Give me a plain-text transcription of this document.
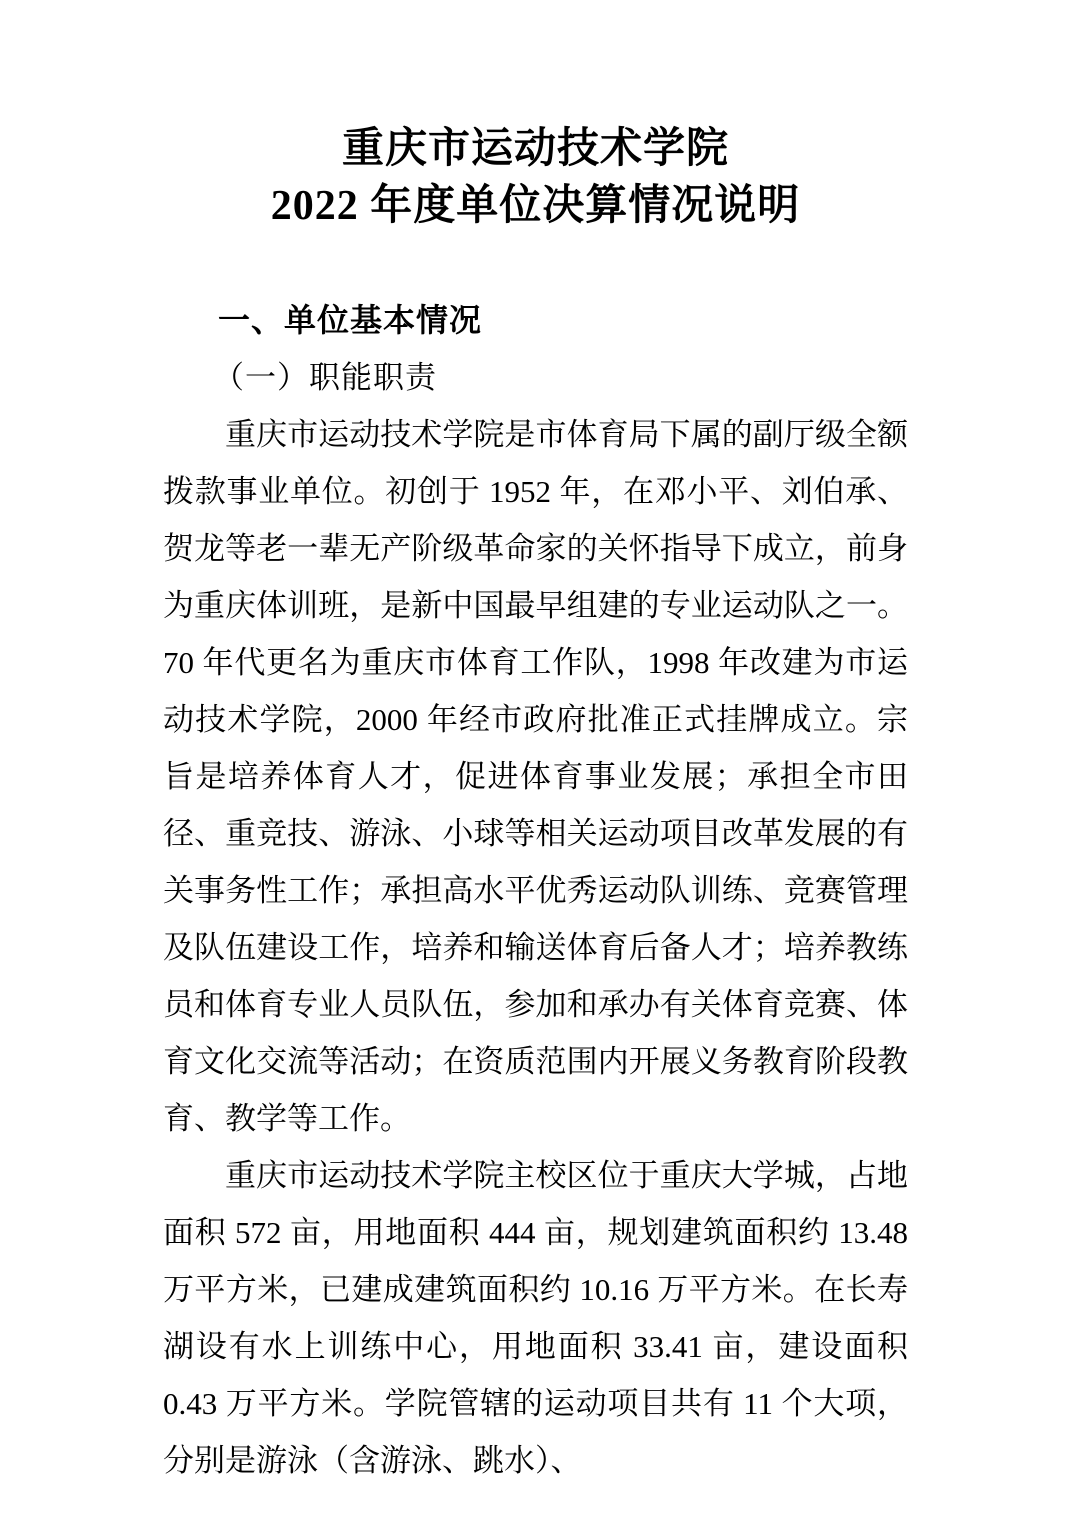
重庆市运动技术学院
2022 年度单位决算情况说明
一、单位基本情况
（一）职能职责

重庆市运动技术学院是市体育局下属的副厅级全额拨款事业单位。初创于 1952 年，在邓小平、刘伯承、贺龙等老一辈无产阶级革命家的关怀指导下成立，前身为重庆体训班，是新中国最早组建的专业运动队之一。70 年代更名为重庆市体育工作队，1998 年改建为市运动技术学院，2000 年经市政府批准正式挂牌成立。宗旨是培养体育人才，促进体育事业发展；承担全市田径、重竞技、游泳、小球等相关运动项目改革发展的有关事务性工作；承担高水平优秀运动队训练、竞赛管理及队伍建设工作，培养和输送体育后备人才；培养教练员和体育专业人员队伍，参加和承办有关体育竞赛、体育文化交流等活动；在资质范围内开展义务教育阶段教育、教学等工作。

重庆市运动技术学院主校区位于重庆大学城，占地面积 572 亩，用地面积 444 亩，规划建筑面积约 13.48 万平方米，已建成建筑面积约 10.16 万平方米。在长寿湖设有水上训练中心，用地面积 33.41 亩，建设面积 0.43 万平方米。学院管辖的运动项目共有 11 个大项，分别是游泳（含游泳、跳水）、
